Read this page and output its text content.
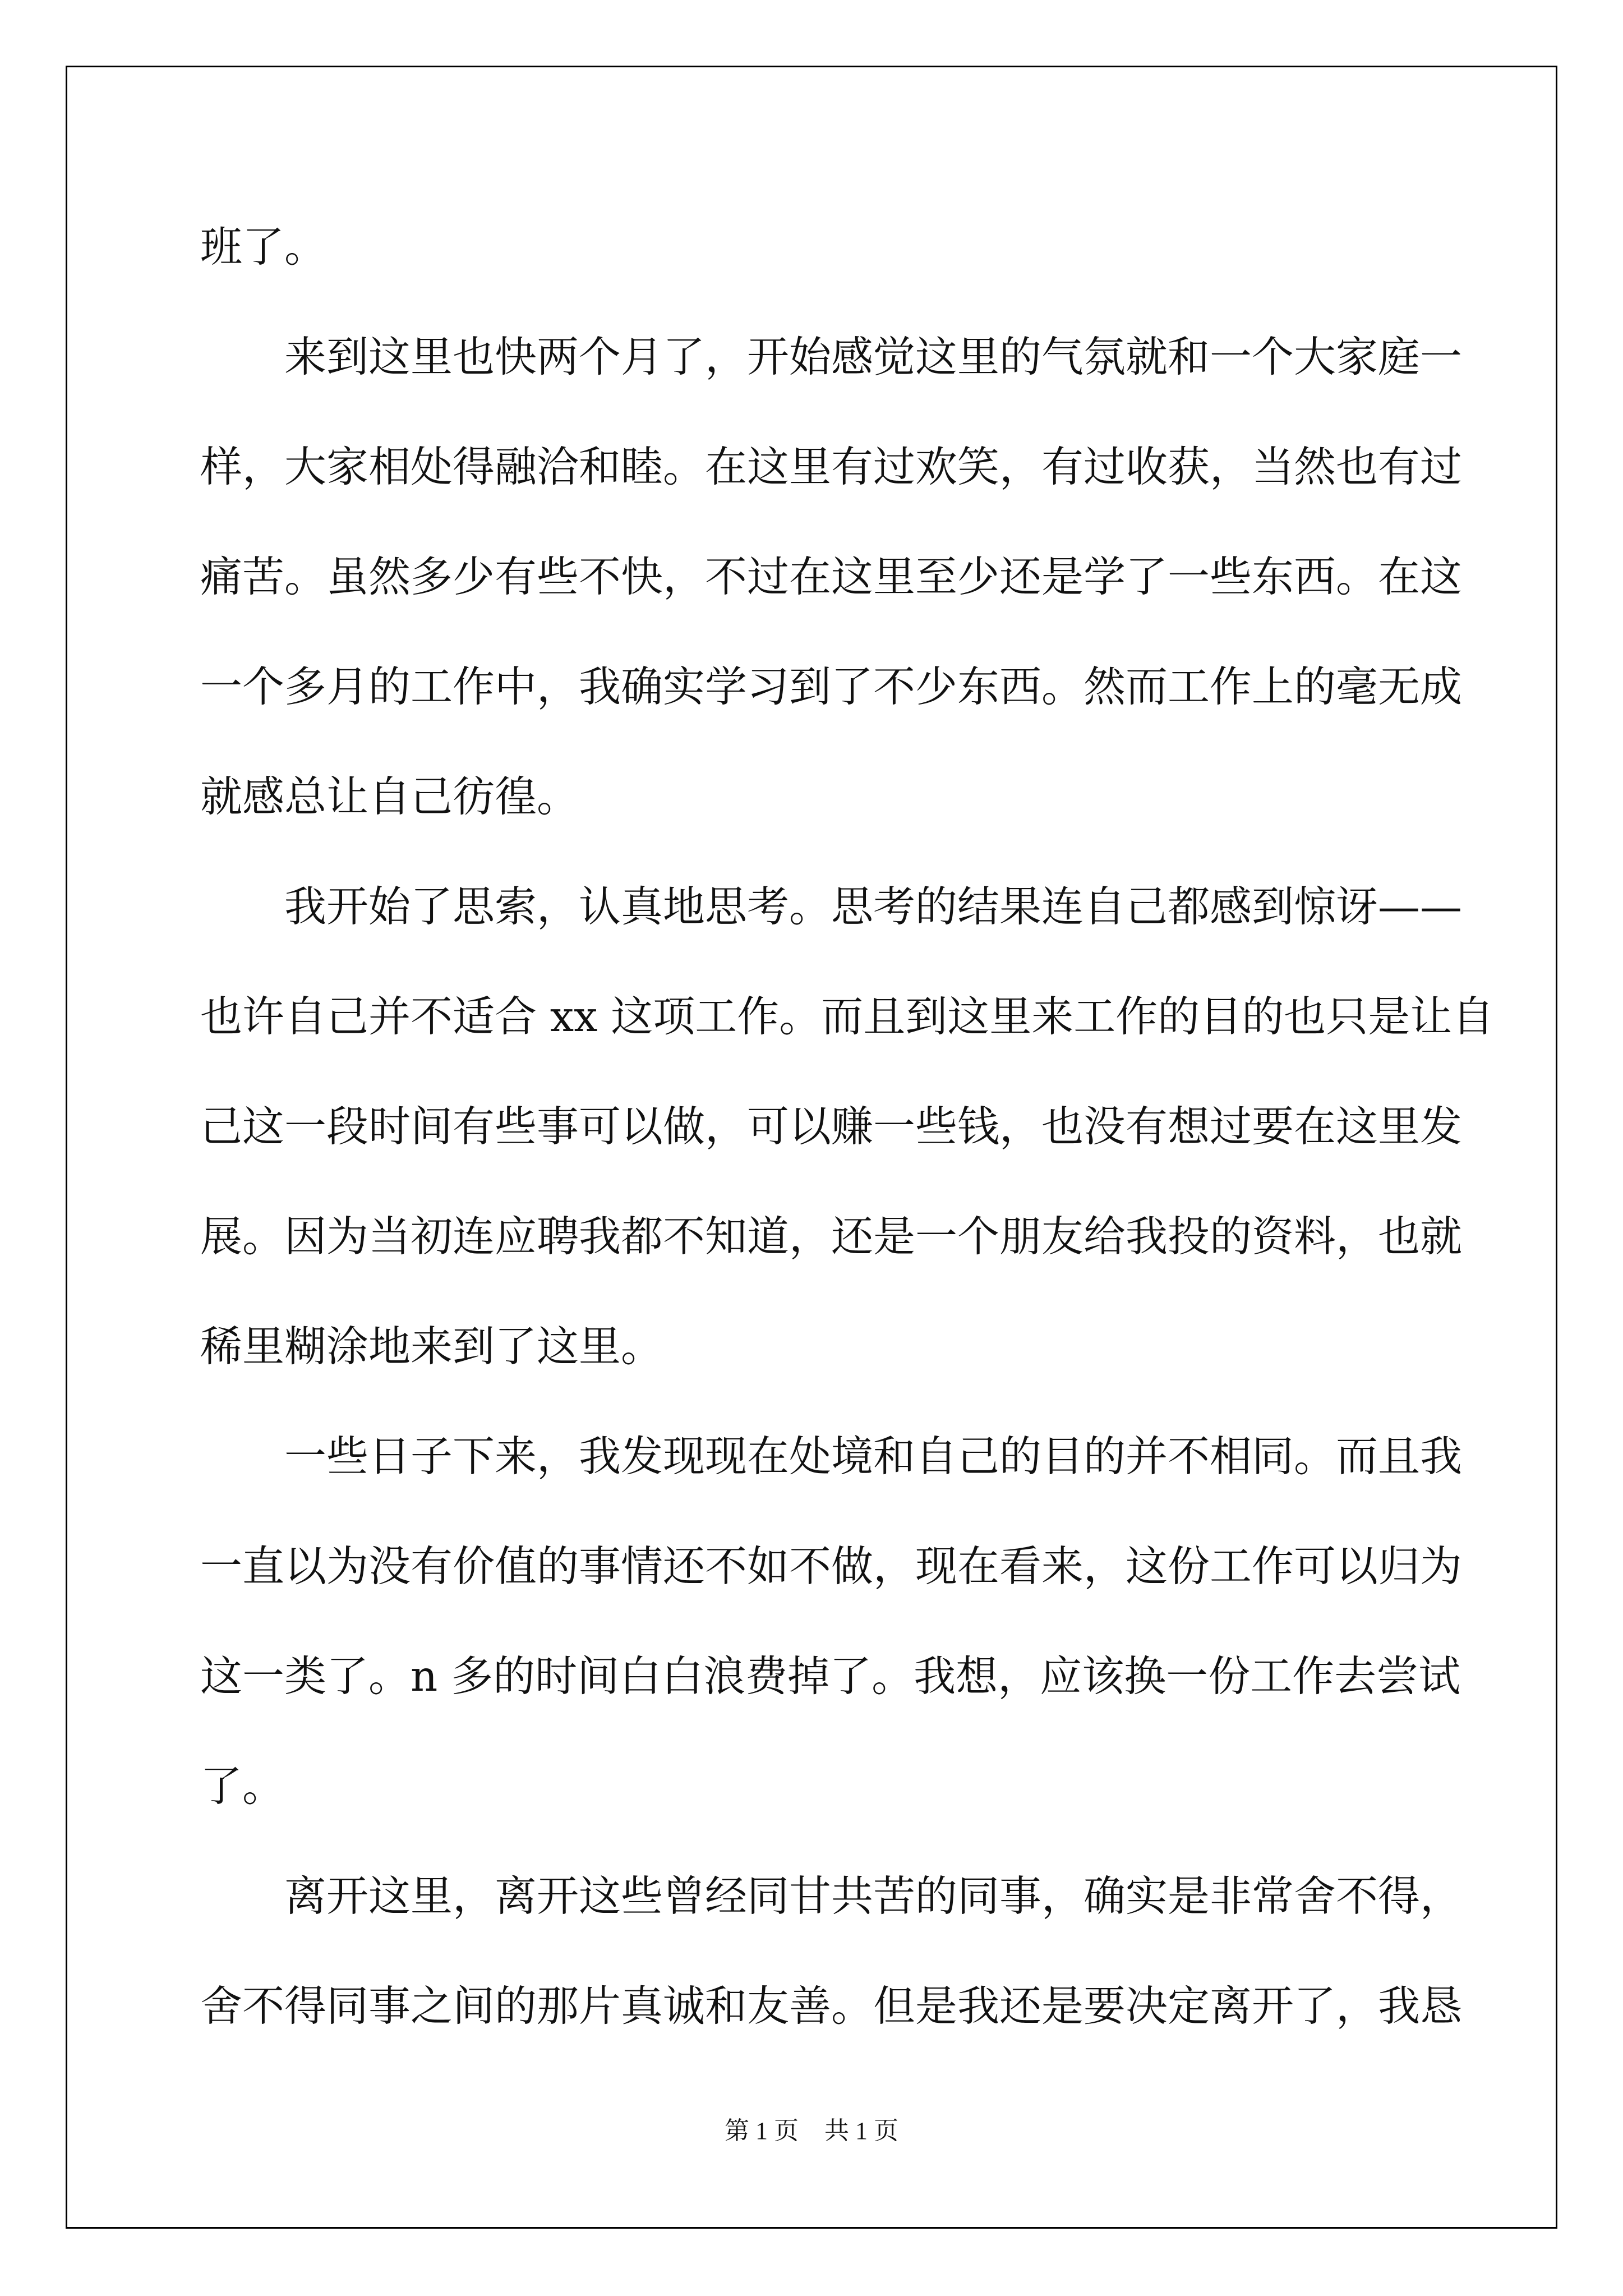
班了。
来到这里也快两个月了，开始感觉这里的气氛就和一个大家庭一
样，大家相处得融洽和睦。在这里有过欢笑，有过收获，当然也有过
痛苦。虽然多少有些不快，不过在这里至少还是学了一些东西。在这
一个多月的工作中，我确实学习到了不少东西。然而工作上的毫无成
就感总让自己彷徨。
我开始了思索，认真地思考。思考的结果连自己都感到惊讶——
也许自己并不适合 xx 这项工作。而且到这里来工作的目的也只是让自
己这一段时间有些事可以做，可以赚一些钱，也没有想过要在这里发
展。因为当初连应聘我都不知道，还是一个朋友给我投的资料，也就
稀里糊涂地来到了这里。
一些日子下来，我发现现在处境和自己的目的并不相同。而且我
一直以为没有价值的事情还不如不做，现在看来，这份工作可以归为
这一类了。n 多的时间白白浪费掉了。我想，应该换一份工作去尝试
了。
离开这里，离开这些曾经同甘共苦的同事，确实是非常舍不得，
舍不得同事之间的那片真诚和友善。但是我还是要决定离开了，我恳
第 1 页 共 1 页
